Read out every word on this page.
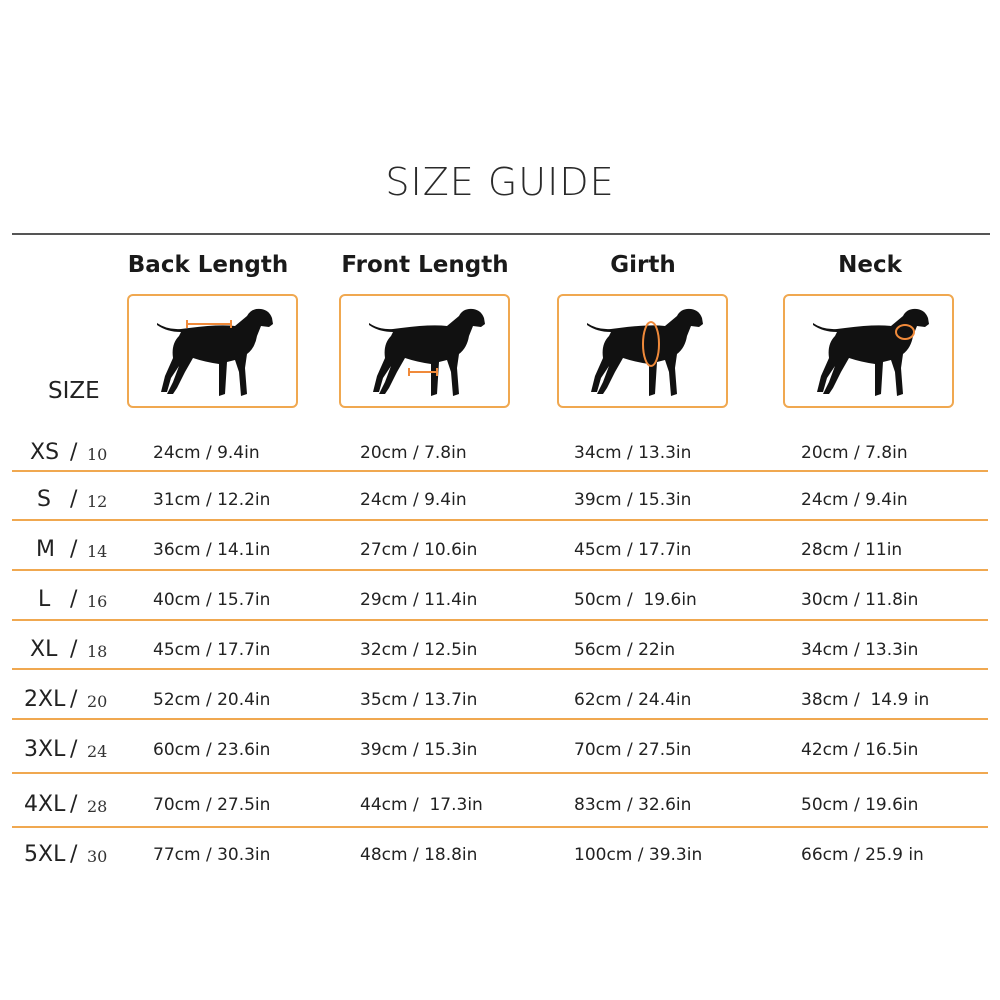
SIZE GUIDE
Back Length	Front Length	Girth	Neck
SIZE
XS / 10	24cm / 9.4in	20cm / 7.8in	34cm / 13.3in	20cm / 7.8in
S / 12	31cm / 12.2in	24cm / 9.4in	39cm / 15.3in	24cm / 9.4in
M / 14	36cm / 14.1in	27cm / 10.6in	45cm / 17.7in	28cm / 11in
L / 16	40cm / 15.7in	29cm / 11.4in	50cm /  19.6in	30cm / 11.8in
XL / 18	45cm / 17.7in	32cm / 12.5in	56cm / 22in	34cm / 13.3in
2XL / 20	52cm / 20.4in	35cm / 13.7in	62cm / 24.4in	38cm /  14.9 in
3XL / 24	60cm / 23.6in	39cm / 15.3in	70cm / 27.5in	42cm / 16.5in
4XL / 28	70cm / 27.5in	44cm /  17.3in	83cm / 32.6in	50cm / 19.6in
5XL / 30	77cm / 30.3in	48cm / 18.8in	100cm / 39.3in	66cm / 25.9 in
